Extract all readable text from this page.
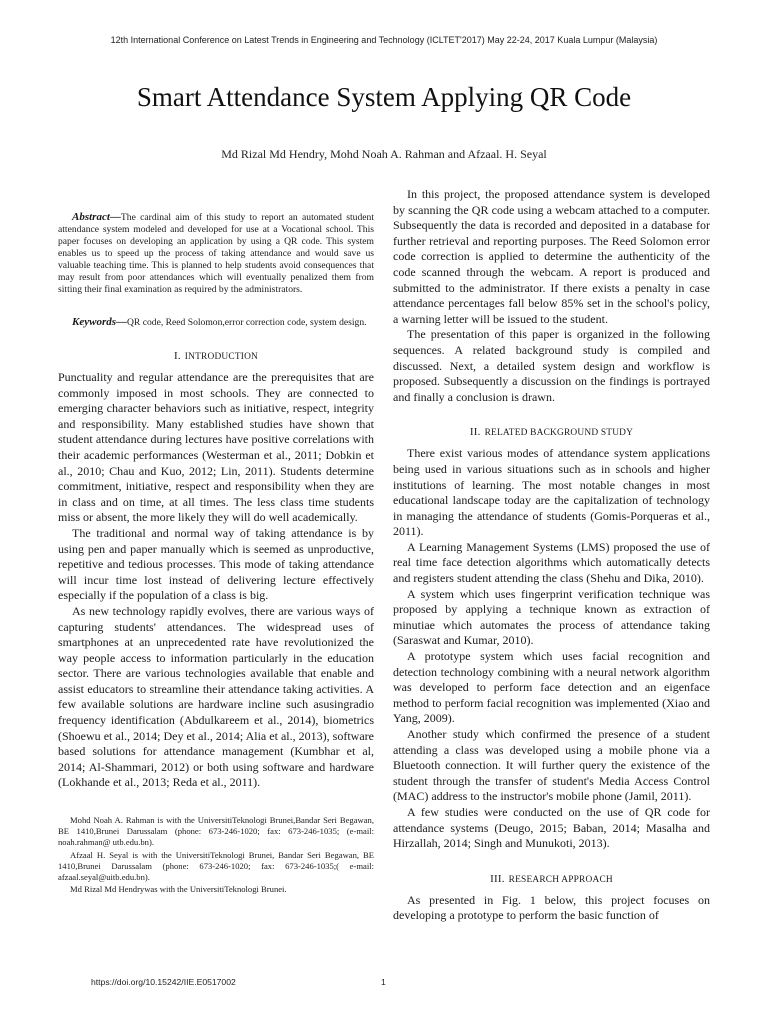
12th International Conference on Latest Trends in Engineering and Technology (ICLTET'2017) May 22-24, 2017 Kuala Lumpur (Malaysia)
Smart Attendance System Applying QR Code
Md Rizal Md Hendry, Mohd Noah A. Rahman and Afzaal. H. Seyal

Abstract—The cardinal aim of this study to report an automated student attendance system modeled and developed for use at a Vocational school. This paper focuses on developing an application by using a QR code. This system enables us to speed up the process of taking attendance and would save us valuable teaching time. This is planned to help students avoid consequences that may result from poor attendances which will eventually penalized them from sitting their final examination as required by the administrators.

Keywords—QR code, Reed Solomon,error correction code, system design.

I. INTRODUCTION

Punctuality and regular attendance are the prerequisites that are commonly imposed in most schools. They are connected to emerging character behaviors such as initiative, respect, integrity and responsibility. Many established studies have shown that student attendance during lectures have positive correlations with their academic performances (Westerman et al., 2011; Dobkin et al., 2010; Chau and Kuo, 2012; Lin, 2011). Students determine commitment, initiative, respect and responsibility when they are in class and on time, at all times. The less class time students miss or absent, the more likely they will do well academically.

The traditional and normal way of taking attendance is by using pen and paper manually which is seemed as unproductive, repetitive and tedious processes. This mode of taking attendance will incur time lost instead of delivering lecture effectively especially if the population of a class is big.

As new technology rapidly evolves, there are various ways of capturing students' attendances. The widespread uses of smartphones at an unprecedented rate have revolutionized the way people access to information particularly in the education sector. There are various technologies available that enable and assist educators to streamline their attendance taking activities. A few available solutions are hardware incline such asusingradio frequency identification (Abdulkareem et al., 2014), biometrics (Shoewu et al., 2014; Dey et al., 2014; Alia et al., 2013), software based solutions for attendance management (Kumbhar et al, 2014; Al-Shammari, 2012) or both using software and hardware (Lokhande et al., 2013; Reda et al., 2011).

Mohd Noah A. Rahman is with the UniversitiTeknologi Brunei,Bandar Seri Begawan, BE 1410,Brunei Darussalam (phone: 673-246-1020; fax: 673-246-1035; (e-mail: noah.rahman@ utb.edu.bn).

Afzaal H. Seyal is with the UniversitiTeknologi Brunei, Bandar Seri Begawan, BE 1410,Brunei Darussalam (phone: 673-246-1020; fax: 673-246-1035;( e-mail: afzaal.seyal@uitb.edu.bn).

Md Rizal Md Hendrywas with the UniversitiTeknologi Brunei.

In this project, the proposed attendance system is developed by scanning the QR code using a webcam attached to a computer. Subsequently the data is recorded and deposited in a database for further retrieval and reporting purposes. The Reed Solomon error code correction is applied to determine the authenticity of the code scanned through the webcam. A report is produced and submitted to the administrator. If there exists a penalty in case attendance percentages fall below 85% set in the school's policy, a warning letter will be issued to the student.

The presentation of this paper is organized in the following sequences. A related background study is compiled and discussed. Next, a detailed system design and workflow is proposed. Subsequently a discussion on the findings is portrayed and finally a conclusion is drawn.

II. RELATED BACKGROUND STUDY

There exist various modes of attendance system applications being used in various situations such as in schools and higher institutions of learning. The most notable changes in most educational landscape today are the capitalization of technology in managing the attendance of students (Gomis-Porqueras et al., 2011).

A Learning Management Systems (LMS) proposed the use of real time face detection algorithms which automatically detects and registers student attending the class (Shehu and Dika, 2010).

A system which uses fingerprint verification technique was proposed by applying a technique known as extraction of minutiae which automates the process of attendance taking (Saraswat and Kumar, 2010).

A prototype system which uses facial recognition and detection technology combining with a neural network algorithm was developed to perform face detection and an eigenface method to perform facial recognition was implemented (Xiao and Yang, 2009).

Another study which confirmed the presence of a student attending a class was developed using a mobile phone via a Bluetooth connection. It will further query the existence of the student through the transfer of student's Media Access Control (MAC) address to the instructor's mobile phone (Jamil, 2011).

A few studies were conducted on the use of QR code for attendance systems (Deugo, 2015; Baban, 2014; Masalha and Hirzallah, 2014; Singh and Munukoti, 2013).

III. RESEARCH APPROACH

As presented in Fig. 1 below, this project focuses on developing a prototype to perform the basic function of

https://doi.org/10.15242/IIE.E0517002	1
